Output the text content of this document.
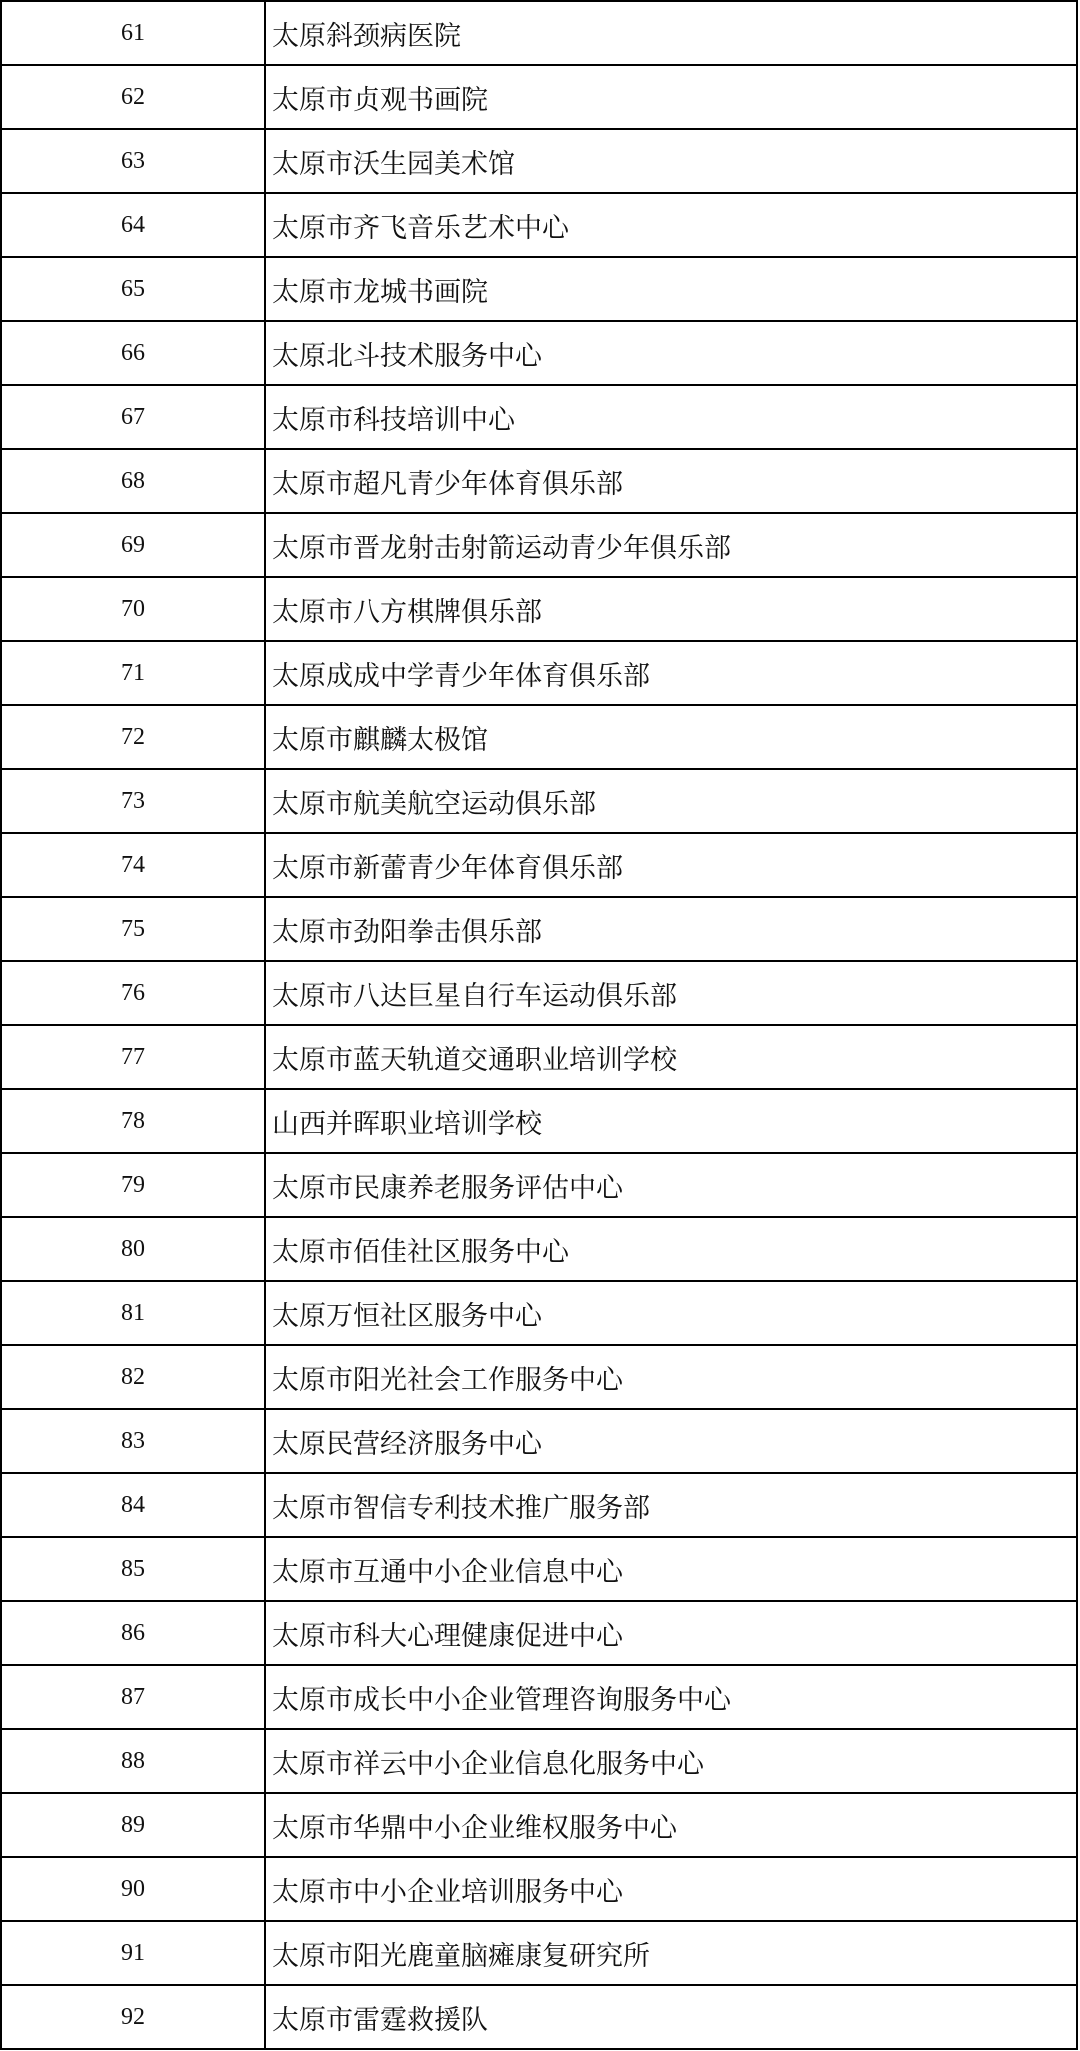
61	太原斜颈病医院
62	太原市贞观书画院
63	太原市沃生园美术馆
64	太原市齐飞音乐艺术中心
65	太原市龙城书画院
66	太原北斗技术服务中心
67	太原市科技培训中心
68	太原市超凡青少年体育俱乐部
69	太原市晋龙射击射箭运动青少年俱乐部
70	太原市八方棋牌俱乐部
71	太原成成中学青少年体育俱乐部
72	太原市麒麟太极馆
73	太原市航美航空运动俱乐部
74	太原市新蕾青少年体育俱乐部
75	太原市劲阳拳击俱乐部
76	太原市八达巨星自行车运动俱乐部
77	太原市蓝天轨道交通职业培训学校
78	山西并晖职业培训学校
79	太原市民康养老服务评估中心
80	太原市佰佳社区服务中心
81	太原万恒社区服务中心
82	太原市阳光社会工作服务中心
83	太原民营经济服务中心
84	太原市智信专利技术推广服务部
85	太原市互通中小企业信息中心
86	太原市科大心理健康促进中心
87	太原市成长中小企业管理咨询服务中心
88	太原市祥云中小企业信息化服务中心
89	太原市华鼎中小企业维权服务中心
90	太原市中小企业培训服务中心
91	太原市阳光鹿童脑瘫康复研究所
92	太原市雷霆救援队
